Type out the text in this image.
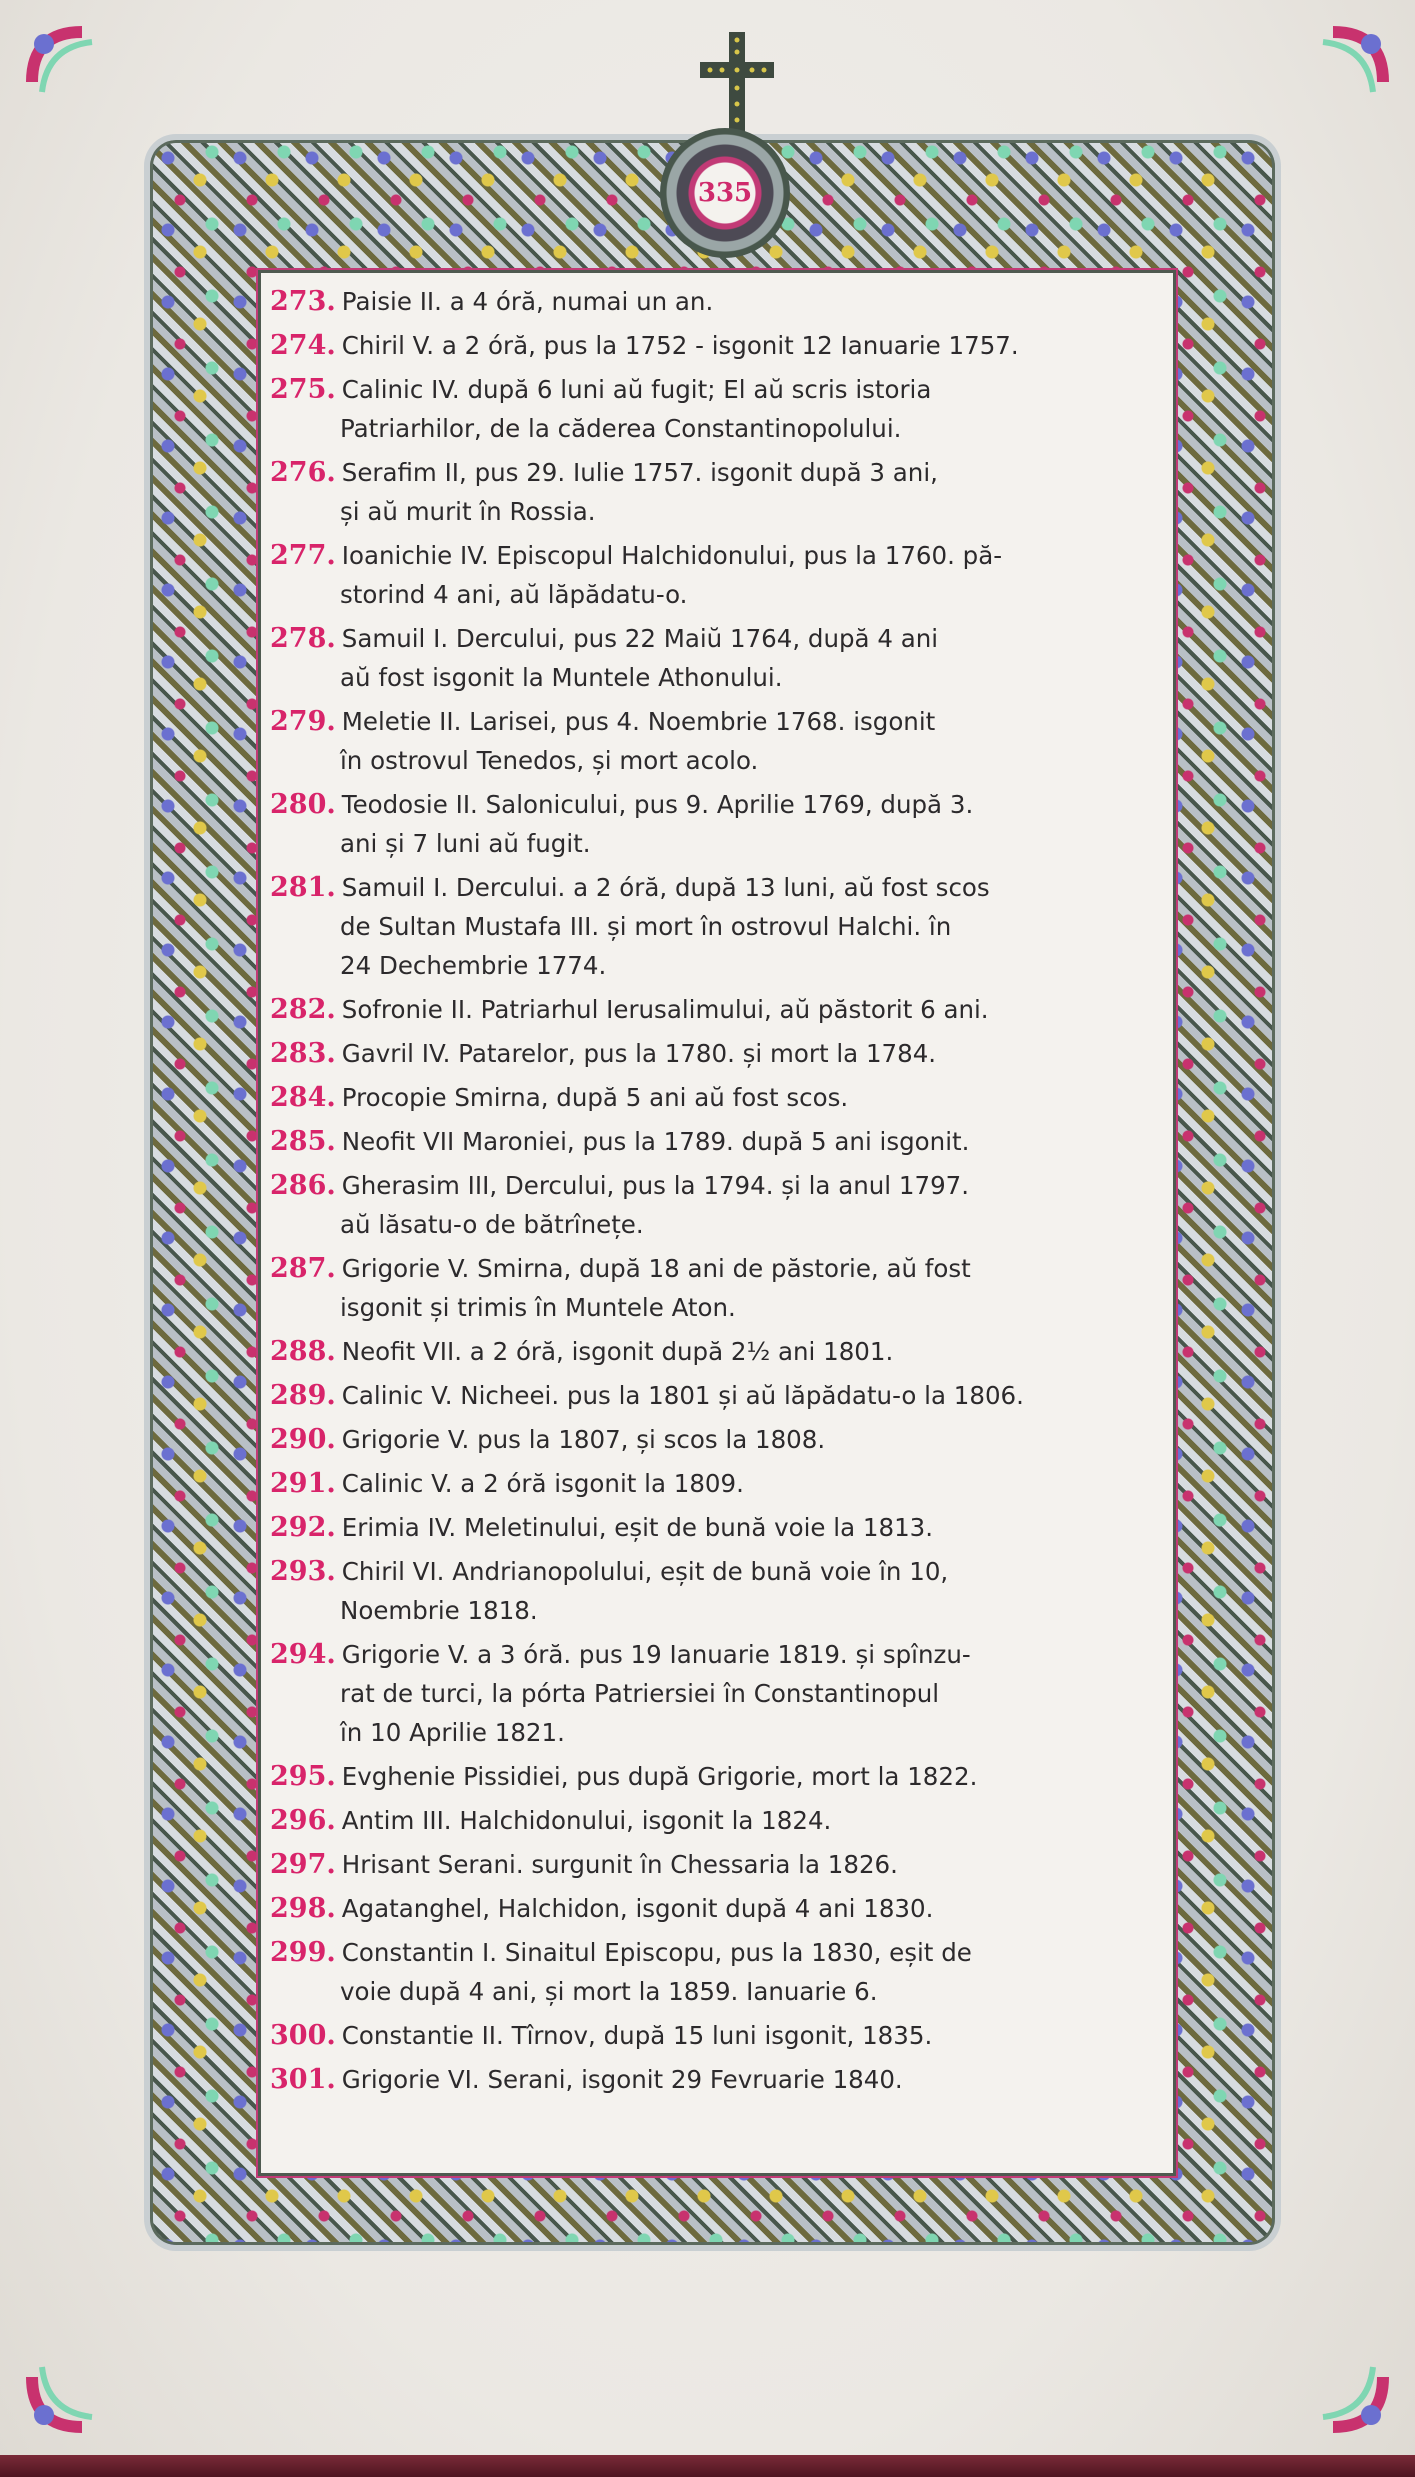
335
273. Paisie II. a 4 óră, numai un an.
274. Chiril V. a 2 óră, pus la 1752 - isgonit 12 Ianuarie 1757.
275. Calinic IV. după 6 luni aŭ fugit; El aŭ scris istoria
Patriarhilor, de la căderea Constantinopolului.
276. Serafim II, pus 29. Iulie 1757. isgonit după 3 ani,
și aŭ murit în Rossia.
277. Ioanichie IV. Episcopul Halchidonului, pus la 1760. pă-
storind 4 ani, aŭ lăpădatu-o.
278. Samuil I. Dercului, pus 22 Maiŭ 1764, după 4 ani
aŭ fost isgonit la Muntele Athonului.
279. Meletie II. Larisei, pus 4. Noembrie 1768. isgonit
în ostrovul Tenedos, și mort acolo.
280. Teodosie II. Salonicului, pus 9. Aprilie 1769, după 3.
ani și 7 luni aŭ fugit.
281. Samuil I. Dercului. a 2 óră, după 13 luni, aŭ fost scos
de Sultan Mustafa III. și mort în ostrovul Halchi. în
24 Dechembrie 1774.
282. Sofronie II. Patriarhul Ierusalimului, aŭ păstorit 6 ani.
283. Gavril IV. Patarelor, pus la 1780. și mort la 1784.
284. Procopie Smirna, după 5 ani aŭ fost scos.
285. Neofit VII Maroniei, pus la 1789. după 5 ani isgonit.
286. Gherasim III, Dercului, pus la 1794. și la anul 1797.
aŭ lăsatu-o de bătrînețe.
287. Grigorie V. Smirna, după 18 ani de păstorie, aŭ fost
isgonit și trimis în Muntele Aton.
288. Neofit VII. a 2 óră, isgonit după 2½ ani 1801.
289. Calinic V. Nicheei. pus la 1801 și aŭ lăpădatu-o la 1806.
290. Grigorie V. pus la 1807, și scos la 1808.
291. Calinic V. a 2 óră isgonit la 1809.
292. Erimia IV. Meletinului, eșit de bună voie la 1813.
293. Chiril VI. Andrianopolului, eșit de bună voie în 10,
Noembrie 1818.
294. Grigorie V. a 3 óră. pus 19 Ianuarie 1819. și spînzu-
rat de turci, la pórta Patriersiei în Constantinopul
în 10 Aprilie 1821.
295. Evghenie Pissidiei, pus după Grigorie, mort la 1822.
296. Antim III. Halchidonului, isgonit la 1824.
297. Hrisant Serani. surgunit în Chessaria la 1826.
298. Agatanghel, Halchidon, isgonit după 4 ani 1830.
299. Constantin I. Sinaitul Episcopu, pus la 1830, eșit de
voie după 4 ani, și mort la 1859. Ianuarie 6.
300. Constantie II. Tîrnov, după 15 luni isgonit, 1835.
301. Grigorie VI. Serani, isgonit 29 Fevruarie 1840.
